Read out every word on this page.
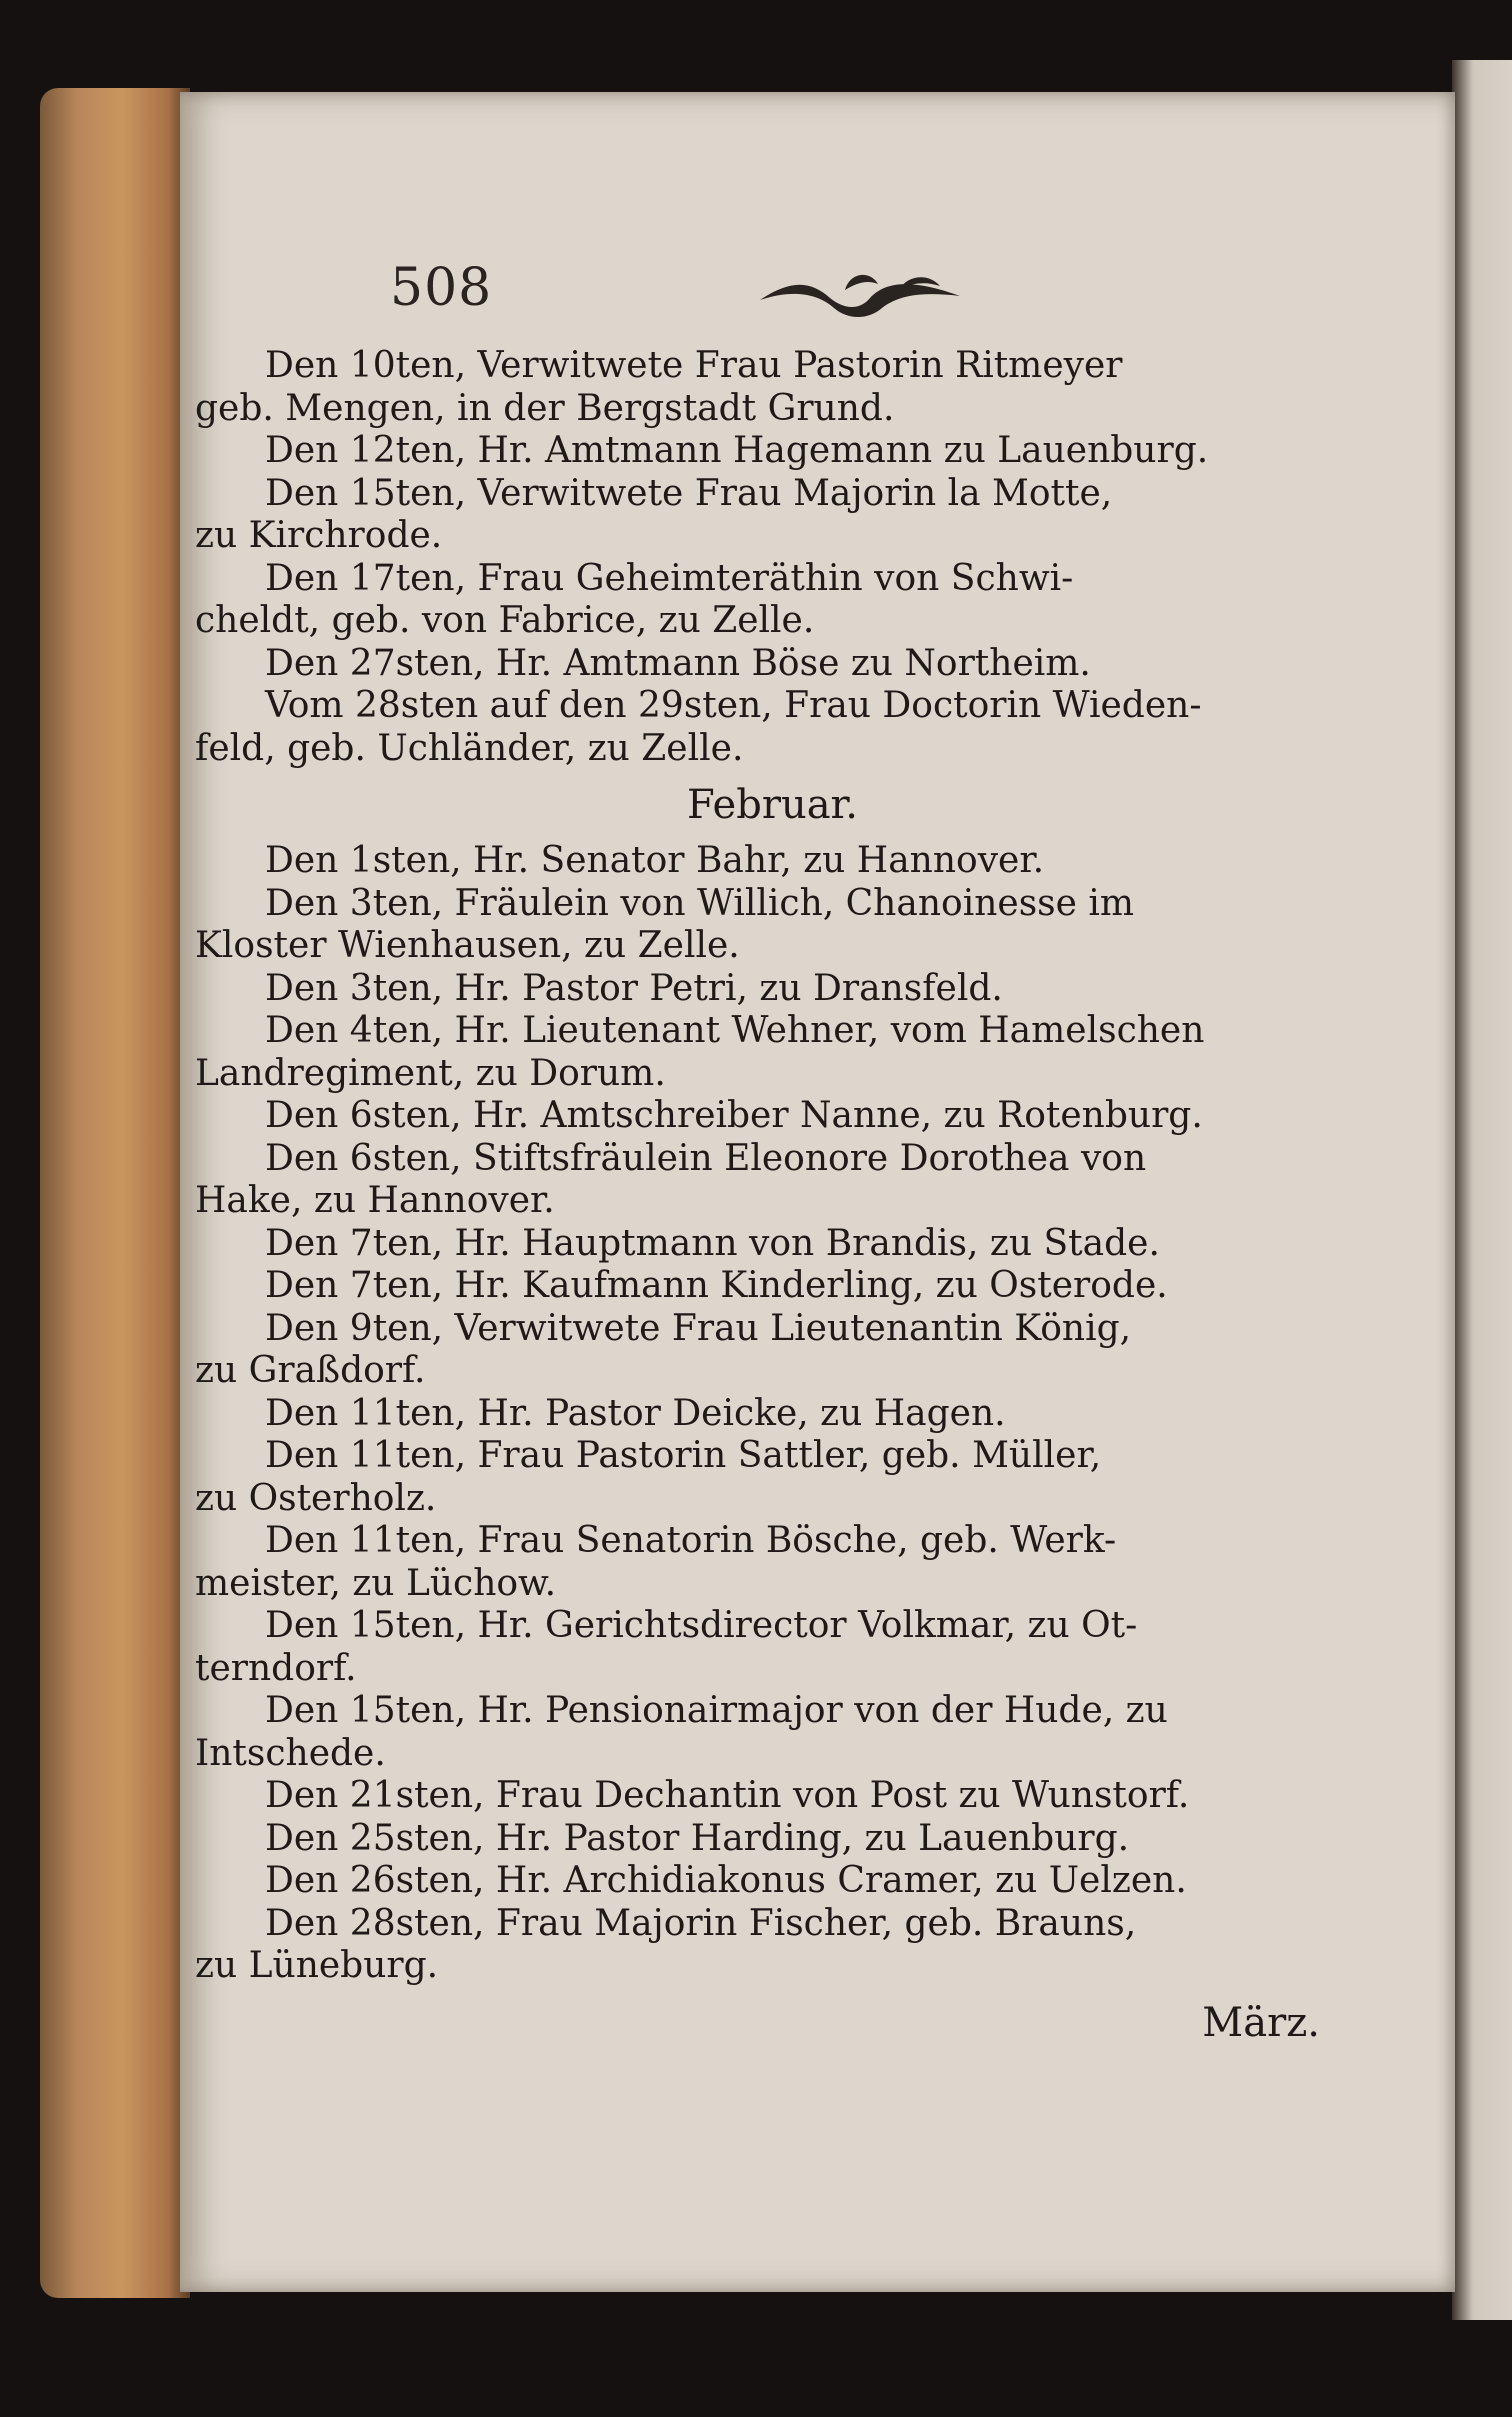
508
Den 10ten, Verwitwete Frau Pastorin Ritmeyer
geb. Mengen, in der Bergstadt Grund.
Den 12ten, Hr. Amtmann Hagemann zu Lauenburg.
Den 15ten, Verwitwete Frau Majorin la Motte,
zu Kirchrode.
Den 17ten, Frau Geheimteräthin von Schwi-
cheldt, geb. von Fabrice, zu Zelle.
Den 27sten, Hr. Amtmann Böse zu Northeim.
Vom 28sten auf den 29sten, Frau Doctorin Wieden-
feld, geb. Uchländer, zu Zelle.
Februar.
Den 1sten, Hr. Senator Bahr, zu Hannover.
Den 3ten, Fräulein von Willich, Chanoinesse im
Kloster Wienhausen, zu Zelle.
Den 3ten, Hr. Pastor Petri, zu Dransfeld.
Den 4ten, Hr. Lieutenant Wehner, vom Hamelschen
Landregiment, zu Dorum.
Den 6sten, Hr. Amtschreiber Nanne, zu Rotenburg.
Den 6sten, Stiftsfräulein Eleonore Dorothea von
Hake, zu Hannover.
Den 7ten, Hr. Hauptmann von Brandis, zu Stade.
Den 7ten, Hr. Kaufmann Kinderling, zu Osterode.
Den 9ten, Verwitwete Frau Lieutenantin König,
zu Graßdorf.
Den 11ten, Hr. Pastor Deicke, zu Hagen.
Den 11ten, Frau Pastorin Sattler, geb. Müller,
zu Osterholz.
Den 11ten, Frau Senatorin Bösche, geb. Werk-
meister, zu Lüchow.
Den 15ten, Hr. Gerichtsdirector Volkmar, zu Ot-
terndorf.
Den 15ten, Hr. Pensionairmajor von der Hude, zu
Intschede.
Den 21sten, Frau Dechantin von Post zu Wunstorf.
Den 25sten, Hr. Pastor Harding, zu Lauenburg.
Den 26sten, Hr. Archidiakonus Cramer, zu Uelzen.
Den 28sten, Frau Majorin Fischer, geb. Brauns,
zu Lüneburg.
März.
